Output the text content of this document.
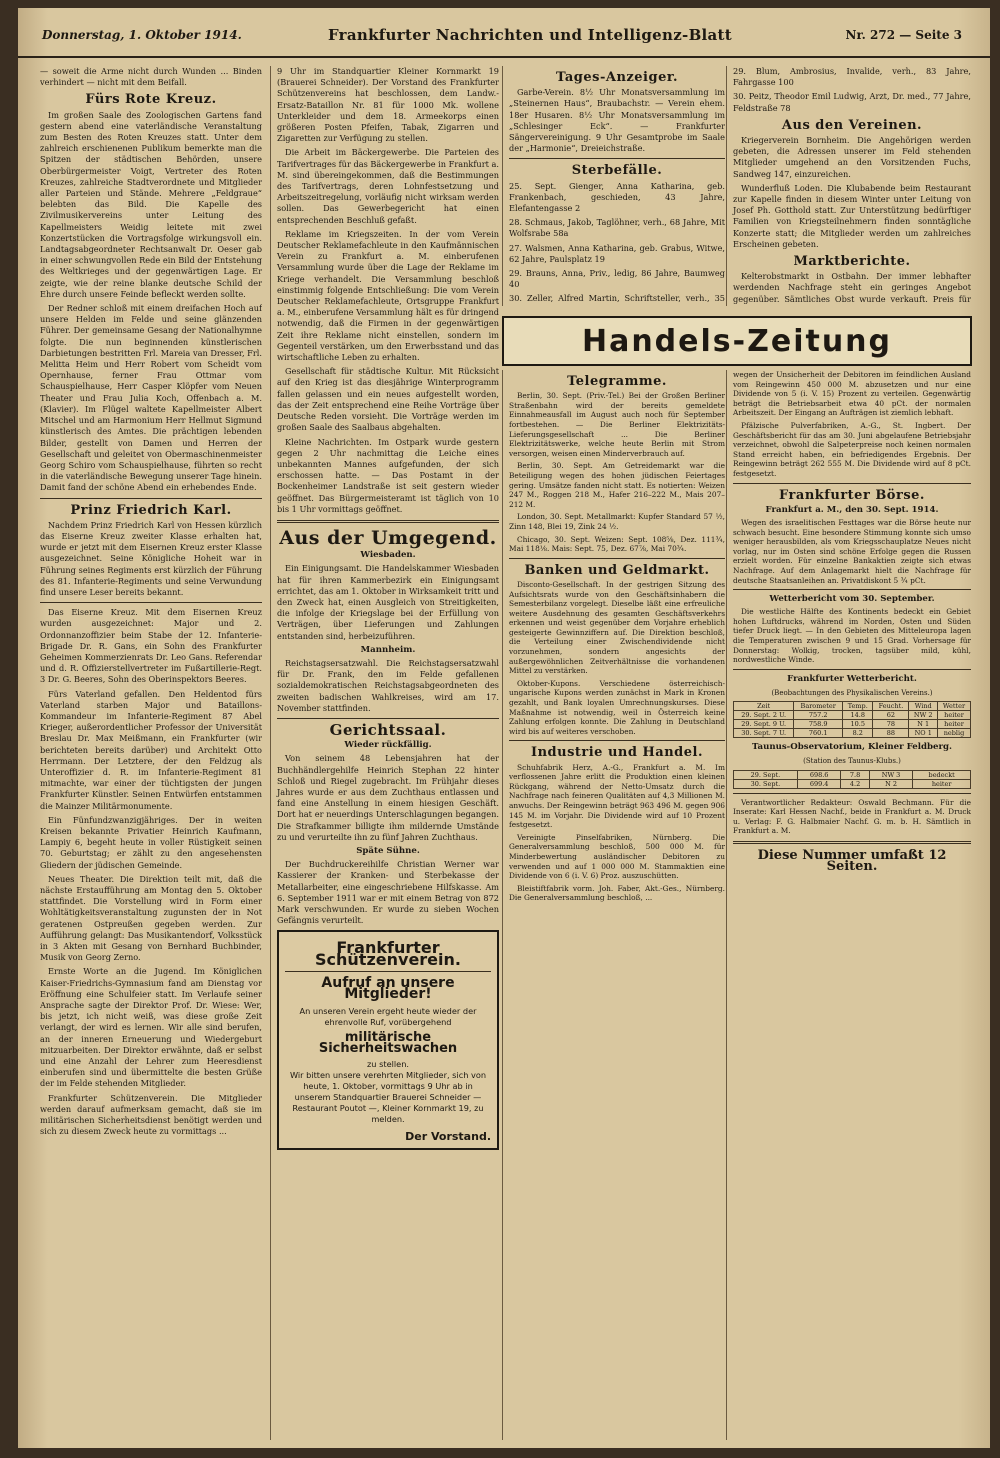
Donnerstag, 1. Oktober 1914.	Frankfurter Nachrichten und Intelligenz-Blatt	Nr. 272 — Seite 3

— soweit die Arme nicht durch Wunden ... Binden verhindert — nicht mit dem Beifall.

Fürs Rote Kreuz.

Im großen Saale des Zoologischen Gartens fand gestern abend eine vaterländische Veranstaltung zum Besten des Roten Kreuzes statt. Unter dem zahlreich erschienenen Publikum bemerkte man die Spitzen der städtischen Behörden, unsere Oberbürgermeister Voigt, Vertreter des Roten Kreuzes, zahlreiche Stadtverordnete und Mitglieder aller Parteien und Stände. Mehrere „Feldgraue“ belebten das Bild. Die Kapelle des Zivilmusikervereins unter Leitung des Kapellmeisters Weidig leitete mit zwei Konzertstücken die Vortragsfolge wirkungsvoll ein. Landtagsabgeordneter Rechtsanwalt Dr. Oeser gab in einer schwungvollen Rede ein Bild der Entstehung des Weltkrieges und der gegenwärtigen Lage. Er zeigte, wie der reine blanke deutsche Schild der Ehre durch unsere Feinde befleckt werden sollte.

Der Redner schloß mit einem dreifachen Hoch auf unsere Helden im Felde und seine glänzenden Führer. Der gemeinsame Gesang der Nationalhymne folgte. Die nun beginnenden künstlerischen Darbietungen bestritten Frl. Mareia van Dresser, Frl. Melitta Heim und Herr Robert vom Scheidt vom Opernhause, ferner Frau Ottmar vom Schauspielhause, Herr Casper Klöpfer vom Neuen Theater und Frau Julia Koch, Offenbach a. M. (Klavier). Im Flügel waltete Kapellmeister Albert Mitschel und am Harmonium Herr Hellmut Sigmund künstlerisch des Amtes. Die prächtigen lebenden Bilder, gestellt von Damen und Herren der Gesellschaft und geleitet von Obermaschinenmeister Georg Schiro vom Schauspielhause, führten so recht in die vaterländische Bewegung unserer Tage hinein. Damit fand der schöne Abend ein erhebendes Ende.

Prinz Friedrich Karl.

Nachdem Prinz Friedrich Karl von Hessen kürzlich das Eiserne Kreuz zweiter Klasse erhalten hat, wurde er jetzt mit dem Eisernen Kreuz erster Klasse ausgezeichnet. Seine Königliche Hoheit war in Führung seines Regiments erst kürzlich der Führung des 81. Infanterie-Regiments und seine Verwundung find unsere Leser bereits bekannt.

Das Eiserne Kreuz. Mit dem Eisernen Kreuz wurden ausgezeichnet: Major und 2. Ordonnanzoffizier beim Stabe der 12. Infanterie-Brigade Dr. R. Gans, ein Sohn des Frankfurter Geheimen Kommerzienrats Dr. Leo Gans. Referendar und d. R. Offizierstellvertreter im Fußartillerie-Regt. 3 Dr. G. Beeres, Sohn des Oberinspektors Beeres.

Fürs Vaterland gefallen. Den Heldentod fürs Vaterland starben Major und Bataillons-Kommandeur im Infanterie-Regiment 87 Abel Krieger, außerordentlicher Professor der Universität Breslau Dr. Max Meißmann, ein Frankfurter (wir berichteten bereits darüber) und Architekt Otto Herrmann. Der Letztere, der den Feldzug als Unteroffizier d. R. im Infanterie-Regiment 81 mitmachte, war einer der tüchtigsten der jungen Frankfurter Künstler. Seinen Entwürfen entstammen die Mainzer Militärmonumente.

Ein Fünfundzwanzigjähriges. Der in weiten Kreisen bekannte Privatier Heinrich Kaufmann, Lampiy 6, begeht heute in voller Rüstigkeit seinen 70. Geburtstag; er zählt zu den angesehensten Gliedern der jüdischen Gemeinde.

Neues Theater. Die Direktion teilt mit, daß die nächste Erstaufführung am Montag den 5. Oktober stattfindet. Die Vorstellung wird in Form einer Wohltätigkeitsveranstaltung zugunsten der in Not geratenen Ostpreußen gegeben werden. Zur Aufführung gelangt: Das Musikantendorf, Volksstück in 3 Akten mit Gesang von Bernhard Buchbinder, Musik von Georg Zerno.

Ernste Worte an die Jugend. Im Königlichen Kaiser-Friedrichs-Gymnasium fand am Dienstag vor Eröffnung eine Schulfeier statt. Im Verlaufe seiner Ansprache sagte der Direktor Prof. Dr. Wiese: Wer, bis jetzt, ich nicht weiß, was diese große Zeit verlangt, der wird es lernen. Wir alle sind berufen, an der inneren Erneuerung und Wiedergeburt mitzuarbeiten. Der Direktor erwähnte, daß er selbst und eine Anzahl der Lehrer zum Heeresdienst einberufen sind und übermittelte die besten Grüße der im Felde stehenden Mitglieder.

Frankfurter Schützenverein. Die Mitglieder werden darauf aufmerksam gemacht, daß sie im militärischen Sicherheitsdienst benötigt werden und sich zu diesem Zweck heute zu vormittags ...

9 Uhr im Standquartier Kleiner Kornmarkt 19 (Brauerei Schneider). Der Vorstand des Frankfurter Schützenvereins hat beschlossen, dem Landw.-Ersatz-Bataillon Nr. 81 für 1000 Mk. wollene Unterkleider und dem 18. Armeekorps einen größeren Posten Pfeifen, Tabak, Zigarren und Zigaretten zur Verfügung zu stellen.

Die Arbeit im Bäckergewerbe. Die Parteien des Tarifvertrages für das Bäckergewerbe in Frankfurt a. M. sind übereingekommen, daß die Bestimmungen des Tarifvertrags, deren Lohnfestsetzung und Arbeitszeitregelung, vorläufig nicht wirksam werden sollen. Das Gewerbegericht hat einen entsprechenden Beschluß gefaßt.

Reklame im Kriegszeiten. In der vom Verein Deutscher Reklamefachleute in den Kaufmännischen Verein zu Frankfurt a. M. einberufenen Versammlung wurde über die Lage der Reklame im Kriege verhandelt. Die Versammlung beschloß einstimmig folgende Entschließung: Die vom Verein Deutscher Reklamefachleute, Ortsgruppe Frankfurt a. M., einberufene Versammlung hält es für dringend notwendig, daß die Firmen in der gegenwärtigen Zeit ihre Reklame nicht einstellen, sondern im Gegenteil verstärken, um den Erwerbsstand und das wirtschaftliche Leben zu erhalten.

Gesellschaft für städtische Kultur. Mit Rücksicht auf den Krieg ist das diesjährige Winterprogramm fallen gelassen und ein neues aufgestellt worden, das der Zeit entsprechend eine Reihe Vorträge über Deutsche Reden vorsieht. Die Vorträge werden im großen Saale des Saalbaus abgehalten.

Kleine Nachrichten. Im Ostpark wurde gestern gegen 2 Uhr nachmittag die Leiche eines unbekannten Mannes aufgefunden, der sich erschossen hatte. — Das Postamt in der Bockenheimer Landstraße ist seit gestern wieder geöffnet. Das Bürgermeisteramt ist täglich von 10 bis 1 Uhr vormittags geöffnet.

Aus der Umgegend.
Wiesbaden.

Ein Einigungsamt. Die Handelskammer Wiesbaden hat für ihren Kammerbezirk ein Einigungsamt errichtet, das am 1. Oktober in Wirksamkeit tritt und den Zweck hat, einen Ausgleich von Streitigkeiten, die infolge der Kriegslage bei der Erfüllung von Verträgen, über Lieferungen und Zahlungen entstanden sind, herbeizuführen.

Mannheim.

Reichstagsersatzwahl. Die Reichstagsersatzwahl für Dr. Frank, den im Felde gefallenen sozialdemokratischen Reichstagsabgeordneten des zweiten badischen Wahlkreises, wird am 17. November stattfinden.

Gerichtssaal.
Wieder rückfällig.

Von seinem 48 Lebensjahren hat der Buchhändlergehilfe Heinrich Stephan 22 hinter Schloß und Riegel zugebracht. Im Frühjahr dieses Jahres wurde er aus dem Zuchthaus entlassen und fand eine Anstellung in einem hiesigen Geschäft. Dort hat er neuerdings Unterschlagungen begangen. Die Strafkammer billigte ihm mildernde Umstände zu und verurteilte ihn zu fünf Jahren Zuchthaus.

Späte Sühne.

Der Buchdruckereihilfe Christian Werner war Kassierer der Kranken- und Sterbekasse der Metallarbeiter, eine eingeschriebene Hilfskasse. Am 6. September 1911 war er mit einem Betrag von 872 Mark verschwunden. Er wurde zu sieben Wochen Gefängnis verurteilt.

Frankfurter Schützenverein.
Aufruf an unsere Mitglieder!
An unseren Verein ergeht heute wieder der ehrenvolle Ruf, vorübergehend
militärische Sicherheitswachen
zu stellen.
Wir bitten unsere verehrten Mitglieder, sich von heute, 1. Oktober, vormittags 9 Uhr ab in unserem Standquartier Brauerei Schneider — Restaurant Poutot —, Kleiner Kornmarkt 19, zu melden.
Der Vorstand.
Tages-Anzeiger.

Garbe-Verein. 8½ Uhr Monatsversammlung im „Steinernen Haus“, Braubachstr. — Verein ehem. 18er Husaren. 8½ Uhr Monatsversammlung im „Schlesinger Eck“. — Frankfurter Sängervereinigung. 9 Uhr Gesamtprobe im Saale der „Harmonie“, Dreieichstraße.

Sterbefälle.

25. Sept. Gienger, Anna Katharina, geb. Frankenbach, geschieden, 43 Jahre, Elefantengasse 2

28. Schmaus, Jakob, Taglöhner, verh., 68 Jahre, Mit Wolfsrabe 58a

27. Walsmen, Anna Katharina, geb. Grabus, Witwe, 62 Jahre, Paulsplatz 19

29. Brauns, Anna, Priv., ledig, 86 Jahre, Baumweg 40

30. Zeller, Alfred Martin, Schriftsteller, verh., 35

Handels-Zeitung
Telegramme.

Berlin, 30. Sept. (Priv.-Tel.) Bei der Großen Berliner Straßenbahn wird der bereits gemeldete Einnahmeausfall im August auch noch für September fortbestehen. — Die Berliner Elektrizitäts-Lieferungsgesellschaft ... Die Berliner Elektrizitätswerke, welche heute Berlin mit Strom versorgen, weisen einen Minderverbrauch auf.

Berlin, 30. Sept. Am Getreidemarkt war die Beteiligung wegen des hohen jüdischen Feiertages gering. Umsätze fanden nicht statt. Es notierten: Weizen 247 M., Roggen 218 M., Hafer 216–222 M., Mais 207–212 M.

London, 30. Sept. Metallmarkt: Kupfer Standard 57 ½, Zinn 148, Blei 19, Zink 24 ½.

Chicago, 30. Sept. Weizen: Sept. 108⅝, Dez. 111¾, Mai 118⅛. Mais: Sept. 75, Dez. 67⅞, Mai 70¾.

Banken und Geldmarkt.

Disconto-Gesellschaft. In der gestrigen Sitzung des Aufsichtsrats wurde von den Geschäftsinhabern die Semesterbilanz vorgelegt. Dieselbe läßt eine erfreuliche weitere Ausdehnung des gesamten Geschäftsverkehrs erkennen und weist gegenüber dem Vorjahre erheblich gesteigerte Gewinnziffern auf. Die Direktion beschloß, die Verteilung einer Zwischendividende nicht vorzunehmen, sondern angesichts der außergewöhnlichen Zeitverhältnisse die vorhandenen Mittel zu verstärken.

Oktober-Kupons. Verschiedene österreichisch-ungarische Kupons werden zunächst in Mark in Kronen gezahlt, und Bank loyalen Umrechnungskurses. Diese Maßnahme ist notwendig, weil in Österreich keine Zahlung erfolgen konnte. Die Zahlung in Deutschland wird bis auf weiteres verschoben.

Industrie und Handel.

Schuhfabrik Herz, A.-G., Frankfurt a. M. Im verflossenen Jahre erlitt die Produktion einen kleinen Rückgang, während der Netto-Umsatz durch die Nachfrage nach feineren Qualitäten auf 4,3 Millionen M. anwuchs. Der Reingewinn beträgt 963 496 M. gegen 906 145 M. im Vorjahr. Die Dividende wird auf 10 Prozent festgesetzt.

Vereinigte Pinselfabriken, Nürnberg. Die Generalversammlung beschloß, 500 000 M. für Minderbewertung ausländischer Debitoren zu verwenden und auf 1 000 000 M. Stammaktien eine Dividende von 6 (i. V. 6) Proz. auszuschütten.

Bleistiftfabrik vorm. Joh. Faber, Akt.-Ges., Nürnberg. Die Generalversammlung beschloß, ...

29. Blum, Ambrosius, Invalide, verh., 83 Jahre, Fahrgasse 100

30. Peitz, Theodor Emil Ludwig, Arzt, Dr. med., 77 Jahre, Feldstraße 78

Aus den Vereinen.

Kriegerverein Bornheim. Die Angehörigen werden gebeten, die Adressen unserer im Feld stehenden Mitglieder umgehend an den Vorsitzenden Fuchs, Sandweg 147, einzureichen.

Wunderfluß Loden. Die Klubabende beim Restaurant zur Kapelle finden in diesem Winter unter Leitung von Josef Ph. Gotthold statt. Zur Unterstützung bedürftiger Familien von Kriegsteilnehmern finden sonntägliche Konzerte statt; die Mitglieder werden um zahlreiches Erscheinen gebeten.

Marktberichte.

Kelterobstmarkt in Ostbahn. Der immer lebhafter werdenden Nachfrage steht ein geringes Angebot gegenüber. Sämtliches Obst wurde verkauft. Preis für

wegen der Unsicherheit der Debitoren im feindlichen Ausland vom Reingewinn 450 000 M. abzusetzen und nur eine Dividende von 5 (i. V. 15) Prozent zu verteilen. Gegenwärtig beträgt die Betriebsarbeit etwa 40 pCt. der normalen Arbeitszeit. Der Eingang an Aufträgen ist ziemlich lebhaft.

Pfälzische Pulverfabriken, A.-G., St. Ingbert. Der Geschäftsbericht für das am 30. Juni abgelaufene Betriebsjahr verzeichnet, obwohl die Salpeterpreise noch keinen normalen Stand erreicht haben, ein befriedigendes Ergebnis. Der Reingewinn beträgt 262 555 M. Die Dividende wird auf 8 pCt. festgesetzt.

Frankfurter Börse.
Frankfurt a. M., den 30. Sept. 1914.

Wegen des israelitischen Festtages war die Börse heute nur schwach besucht. Eine besondere Stimmung konnte sich umso weniger herausbilden, als vom Kriegsschauplatze Neues nicht vorlag, nur im Osten sind schöne Erfolge gegen die Russen erzielt worden. Für einzelne Bankaktien zeigte sich etwas Nachfrage. Auf dem Anlagemarkt hielt die Nachfrage für deutsche Staatsanleihen an. Privatdiskont 5 ¾ pCt.

Wetterbericht vom 30. September.

Die westliche Hälfte des Kontinents bedeckt ein Gebiet hohen Luftdrucks, während im Norden, Osten und Süden tiefer Druck liegt. — In den Gebieten des Mitteleuropa lagen die Temperaturen zwischen 9 und 15 Grad. Vorhersage für Donnerstag: Wolkig, trocken, tagsüber mild, kühl, nordwestliche Winde.

Frankfurter Wetterbericht.
(Beobachtungen des Physikalischen Vereins.)
Zeit	Barometer	Temp.	Feucht.	Wind	Wetter
29. Sept. 2 U.	757.2	14.8	62	NW 2	heiter
29. Sept. 9 U.	758.9	10.5	78	N 1	heiter
30. Sept. 7 U.	760.1	8.2	88	NO 1	neblig
Taunus-Observatorium, Kleiner Feldberg.
(Station des Taunus-Klubs.)
29. Sept.	698.6	7.8	NW 3	bedeckt
30. Sept.	699.4	4.2	N 2	heiter

Verantwortlicher Redakteur: Oswald Bechmann. Für die Inserate: Karl Hessen Nachf., beide in Frankfurt a. M. Druck u. Verlag: F. G. Halbmaier Nachf. G. m. b. H. Sämtlich in Frankfurt a. M.

Diese Nummer umfaßt 12 Seiten.
